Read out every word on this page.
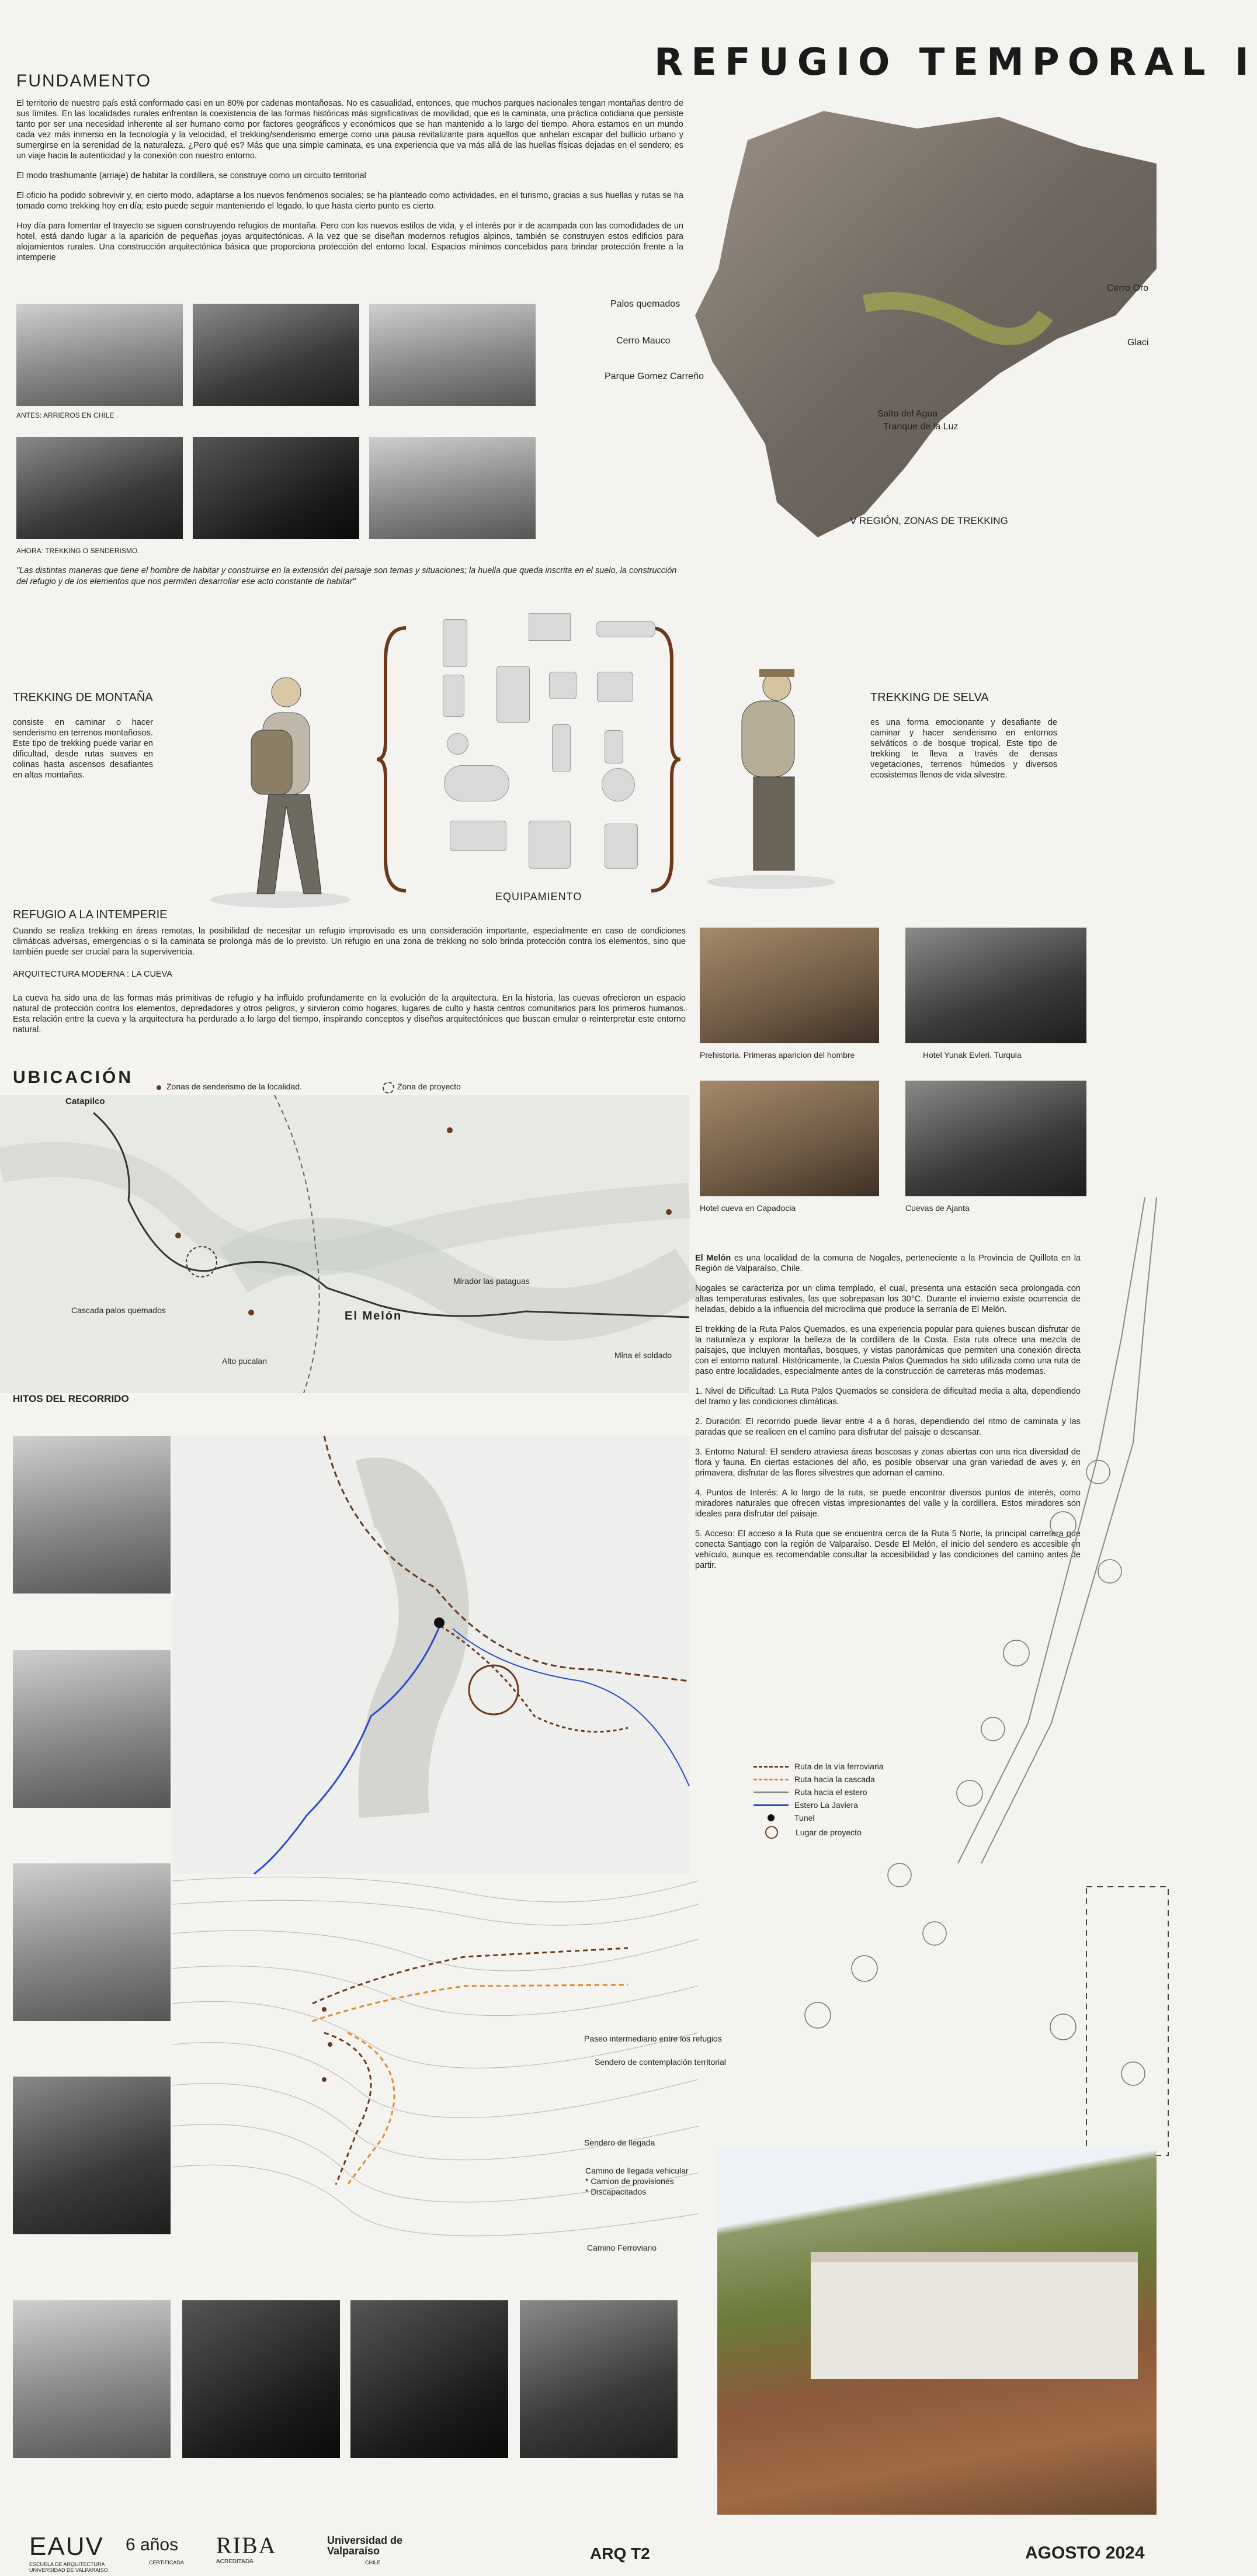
REFUGIO TEMPORAL I
FUNDAMENTO

El territorio de nuestro país está conformado casi en un 80% por cadenas montañosas. No es casualidad, entonces, que muchos parques nacionales tengan montañas dentro de sus límites. En las localidades rurales enfrentan la coexistencia de las formas históricas más significativas de movilidad, que es la caminata, una práctica cotidiana que persiste tanto por ser una necesidad inherente al ser humano como por factores geográficos y económicos que se han mantenido a lo largo del tiempo. Ahora estamos en un mundo cada vez más inmerso en la tecnología y la velocidad, el trekking/senderismo emerge como una pausa revitalizante para aquellos que anhelan escapar del bullicio urbano y sumergirse en la serenidad de la naturaleza. ¿Pero qué es? Más que una simple caminata, es una experiencia que va más allá de las huellas físicas dejadas en el sendero; es un viaje hacia la autenticidad y la conexión con nuestro entorno.

El modo trashumante (arriaje) de habitar la cordillera, se construye como un circuito territorial

El oficio ha podido sobrevivir y, en cierto modo, adaptarse a los nuevos fenómenos sociales; se ha planteado como actividades, en el turismo, gracias a sus huellas y rutas se ha tomado como trekking hoy en día; esto puede seguir manteniendo el legado, lo que hasta cierto punto es cierto.

Hoy día para fomentar el trayecto se siguen construyendo refugios de montaña. Pero con los nuevos estilos de vida, y el interés por ir de acampada con las comodidades de un hotel, está dando lugar a la aparición de pequeñas joyas arquitectónicas. A la vez que se diseñan modernos refugios alpinos, también se construyen estos edificios para alojamientos rurales. Una construcción arquitectónica básica que proporciona protección del entorno local. Espacios mínimos concebidos para brindar protección frente a la intemperie

ANTES: ARRIEROS EN CHILE .
AHORA: TREKKING O SENDERISMO.
"Las distintas maneras que tiene el hombre de habitar y construirse en la extensión del paisaje son temas y situaciones; la huella que queda inscrita en el suelo, la construcción del refugio y de los elementos que nos permiten desarrollar ese acto constante de habitar"
Palos quemados
Cerro Mauco
Parque Gomez Carreño
Salto del Agua
Tranque de la Luz
Cerro Oro
Glaci
V REGIÓN, ZONAS DE TREKKING
TREKKING DE MONTAÑA
consiste en caminar o hacer senderismo en terrenos montañosos. Este tipo de trekking puede variar en dificultad, desde rutas suaves en colinas hasta ascensos desafiantes en altas montañas.
EQUIPAMIENTO
TREKKING DE SELVA
es una forma emocionante y desafiante de caminar y hacer senderismo en entornos selváticos o de bosque tropical. Este tipo de trekking te lleva a través de densas vegetaciones, terrenos húmedos y diversos ecosistemas llenos de vida silvestre.
REFUGIO A LA INTEMPERIE

Cuando se realiza trekking en áreas remotas, la posibilidad de necesitar un refugio improvisado es una consideración importante, especialmente en caso de condiciones climáticas adversas, emergencias o si la caminata se prolonga más de lo previsto. Un refugio en una zona de trekking no solo brinda protección contra los elementos, sino que también puede ser crucial para la supervivencia.

ARQUITECTURA MODERNA : LA CUEVA

La cueva ha sido una de las formas más primitivas de refugio y ha influido profundamente en la evolución de la arquitectura. En la historia, las cuevas ofrecieron un espacio natural de protección contra los elementos, depredadores y otros peligros, y sirvieron como hogares, lugares de culto y hasta centros comunitarios para los primeros humanos. Esta relación entre la cueva y la arquitectura ha perdurado a lo largo del tiempo, inspirando conceptos y diseños arquitectónicos que buscan emular o reinterpretar este entorno natural.

Prehistoria. Primeras aparicion del hombre	Hotel Yunak Evleri. Turquia
Hotel cueva en Capadocia	Cuevas de Ajanta
UBICACIÓN	Zonas de senderismo de la localidad.	Zona de proyecto
Catapilco
Cascada palos quemados
Alto pucalan
El Melón
Mirador las pataguas
Mina el soldado

El Melón es una localidad de la comuna de Nogales, perteneciente a la Provincia de Quillota en la Región de Valparaíso, Chile.

Nogales se caracteriza por un clima templado, el cual, presenta una estación seca prolongada con altas temperaturas estivales, las que sobrepasan los 30°C. Durante el invierno existe ocurrencia de heladas, debido a la influencia del microclima que produce la serranía de El Melón.

El trekking de la Ruta Palos Quemados, es una experiencia popular para quienes buscan disfrutar de la naturaleza y explorar la belleza de la cordillera de la Costa. Esta ruta ofrece una mezcla de paisajes, que incluyen montañas, bosques, y vistas panorámicas que permiten una conexión directa con el entorno natural. Históricamente, la Cuesta Palos Quemados ha sido utilizada como una ruta de paso entre localidades, especialmente antes de la construcción de carreteras más modernas.

1. Nivel de Dificultad: La Ruta Palos Quemados se considera de dificultad media a alta, dependiendo del tramo y las condiciones climáticas.

2. Duración: El recorrido puede llevar entre 4 a 6 horas, dependiendo del ritmo de caminata y las paradas que se realicen en el camino para disfrutar del paisaje o descansar.

3. Entorno Natural: El sendero atraviesa áreas boscosas y zonas abiertas con una rica diversidad de flora y fauna. En ciertas estaciones del año, es posible observar una gran variedad de aves y, en primavera, disfrutar de las flores silvestres que adornan el camino.

4. Puntos de Interés: A lo largo de la ruta, se puede encontrar diversos puntos de interés, como miradores naturales que ofrecen vistas impresionantes del valle y la cordillera. Estos miradores son ideales para disfrutar del paisaje.

5. Acceso: El acceso a la Ruta que se encuentra cerca de la Ruta 5 Norte, la principal carretera que conecta Santiago con la región de Valparaíso. Desde El Melón, el inicio del sendero es accesible en vehículo, aunque es recomendable consultar la accesibilidad y las condiciones del camino antes de partir.

HITOS DEL RECORRIDO
Ruta de la vía ferroviaria
Ruta hacia la cascada
Ruta hacia el estero
Estero La Javiera
Tunel
Lugar de proyecto
Paseo intermediario entre los refugios
Sendero de contemplación territorial
Sendero de llegada
Camino de llegada vehicular
* Camion de provisiones
* Discapacitados
Camino Ferroviario
EAUV
ESCUELA DE ARQUITECTURA UNIVERSIDAD DE VALPARAISO
6 años
CERTIFICADA
RIBA
ACREDITADA
Universidad de Valparaíso
CHILE	ARQ T2	AGOSTO 2024
